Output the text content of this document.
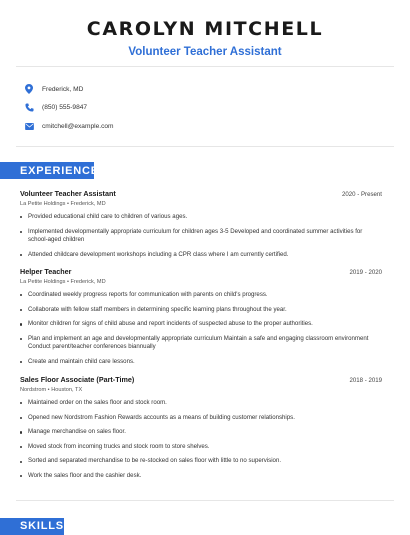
CAROLYN MITCHELL
Volunteer Teacher Assistant
Frederick, MD
(850) 555-9847
cmitchell@example.com
EXPERIENCE
Volunteer Teacher Assistant	2020 - Present
La Petite Holdings • Frederick, MD
Provided educational child care to children of various ages.
Implemented developmentally appropriate curriculum for children ages 3-5 Developed and coordinated summer activities for school-aged children
Attended childcare development workshops including a CPR class where I am currently certified.
Helper Teacher	2019 - 2020
La Petite Holdings • Frederick, MD
Coordinated weekly progress reports for communication with parents on child's progress.
Collaborate with fellow staff members in determining specific learning plans throughout the year.
Monitor children for signs of child abuse and report incidents of suspected abuse to the proper authorities.
Plan and implement an age and developmentally appropriate curriculum Maintain a safe and engaging classroom environment Conduct parent/teacher conferences biannually
Create and maintain child care lessons.
Sales Floor Associate (Part-Time)	2018 - 2019
Nordstrom • Houston, TX
Maintained order on the sales floor and stock room.
Opened new Nordstrom Fashion Rewards accounts as a means of building customer relationships.
Manage merchandise on sales floor.
Moved stock from incoming trucks and stock room to store shelves.
Sorted and separated merchandise to be re-stocked on sales floor with little to no supervision.
Work the sales floor and the cashier desk.
SKILLS
